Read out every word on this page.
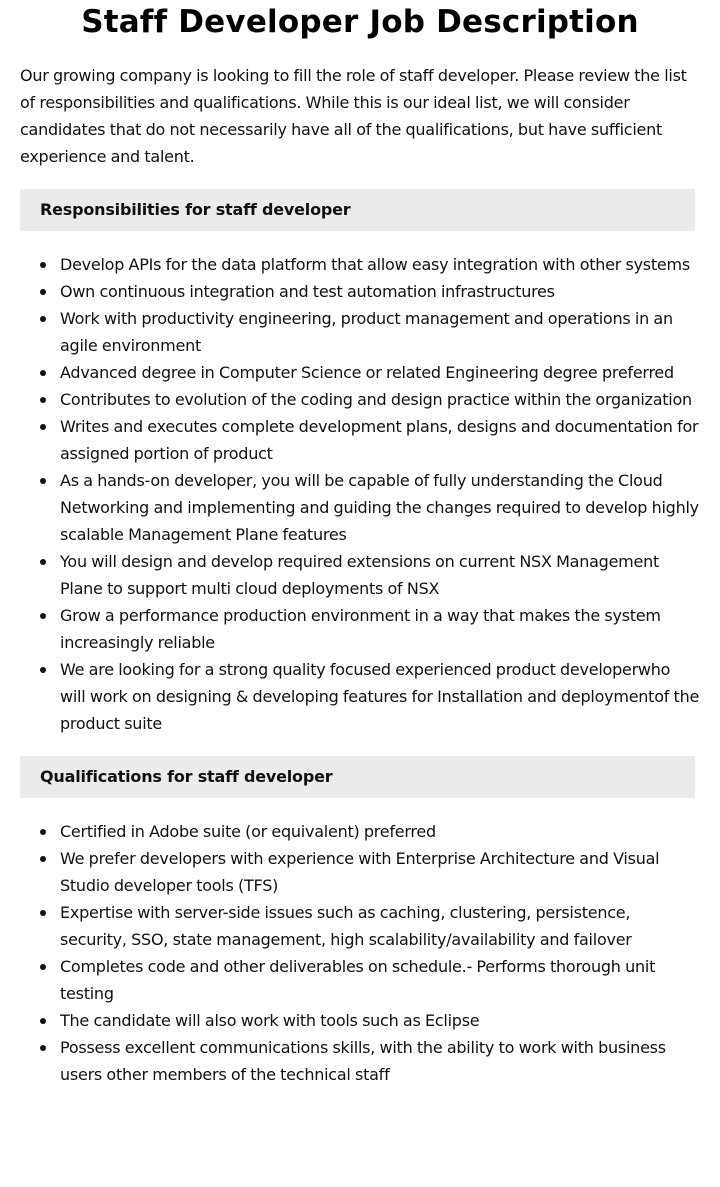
Staff Developer Job Description

Our growing company is looking to fill the role of staff developer. Please review the list of responsibilities and qualifications. While this is our ideal list, we will consider candidates that do not necessarily have all of the qualifications, but have sufficient experience and talent.

Responsibilities for staff developer
Develop APIs for the data platform that allow easy integration with other systems
Own continuous integration and test automation infrastructures
Work with productivity engineering, product management and operations in an agile environment
Advanced degree in Computer Science or related Engineering degree preferred
Contributes to evolution of the coding and design practice within the organization
Writes and executes complete development plans, designs and documentation for assigned portion of product
As a hands-on developer, you will be capable of fully understanding the Cloud Networking and implementing and guiding the changes required to develop highly scalable Management Plane features
You will design and develop required extensions on current NSX Management Plane to support multi cloud deployments of NSX
Grow a performance production environment in a way that makes the system increasingly reliable
We are looking for a strong quality focused experienced product developerwho will work on designing & developing features for Installation and deploymentof the product suite
Qualifications for staff developer
Certified in Adobe suite (or equivalent) preferred
We prefer developers with experience with Enterprise Architecture and Visual Studio developer tools (TFS)
Expertise with server-side issues such as caching, clustering, persistence, security, SSO, state management, high scalability/availability and failover
Completes code and other deliverables on schedule.- Performs thorough unit testing
The candidate will also work with tools such as Eclipse
Possess excellent communications skills, with the ability to work with business users other members of the technical staff
